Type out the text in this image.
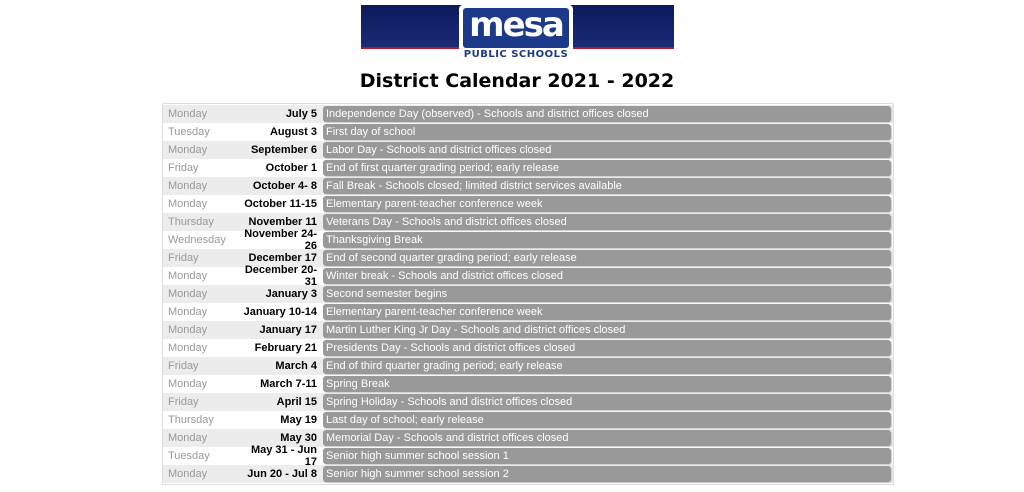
mesa
PUBLIC SCHOOLS
District Calendar 2021 - 2022
Monday	July 5 Independence Day (observed) - Schools and district offices closed
Tuesday	August 3 First day of school
Monday	September 6 Labor Day - Schools and district offices closed
Friday	October 1 End of first quarter grading period; early release
Monday	October 4- 8 Fall Break - Schools closed; limited district services available
Monday	October 11-15 Elementary parent-teacher conference week
Thursday	November 11 Veterans Day - Schools and district offices closed
Wednesday	November 24-26 Thanksgiving Break
Friday	December 17 End of second quarter grading period; early release
Monday	December 20-31 Winter break - Schools and district offices closed
Monday	January 3 Second semester begins
Monday	January 10-14 Elementary parent-teacher conference week
Monday	January 17 Martin Luther King Jr Day - Schools and district offices closed
Monday	February 21 Presidents Day - Schools and district offices closed
Friday	March 4 End of third quarter grading period; early release
Monday	March 7-11 Spring Break
Friday	April 15 Spring Holiday - Schools and district offices closed
Thursday	May 19 Last day of school; early release
Monday	May 30 Memorial Day - Schools and district offices closed
Tuesday	May 31 - Jun 17 Senior high summer school session 1
Monday	Jun 20 - Jul 8 Senior high summer school session 2
